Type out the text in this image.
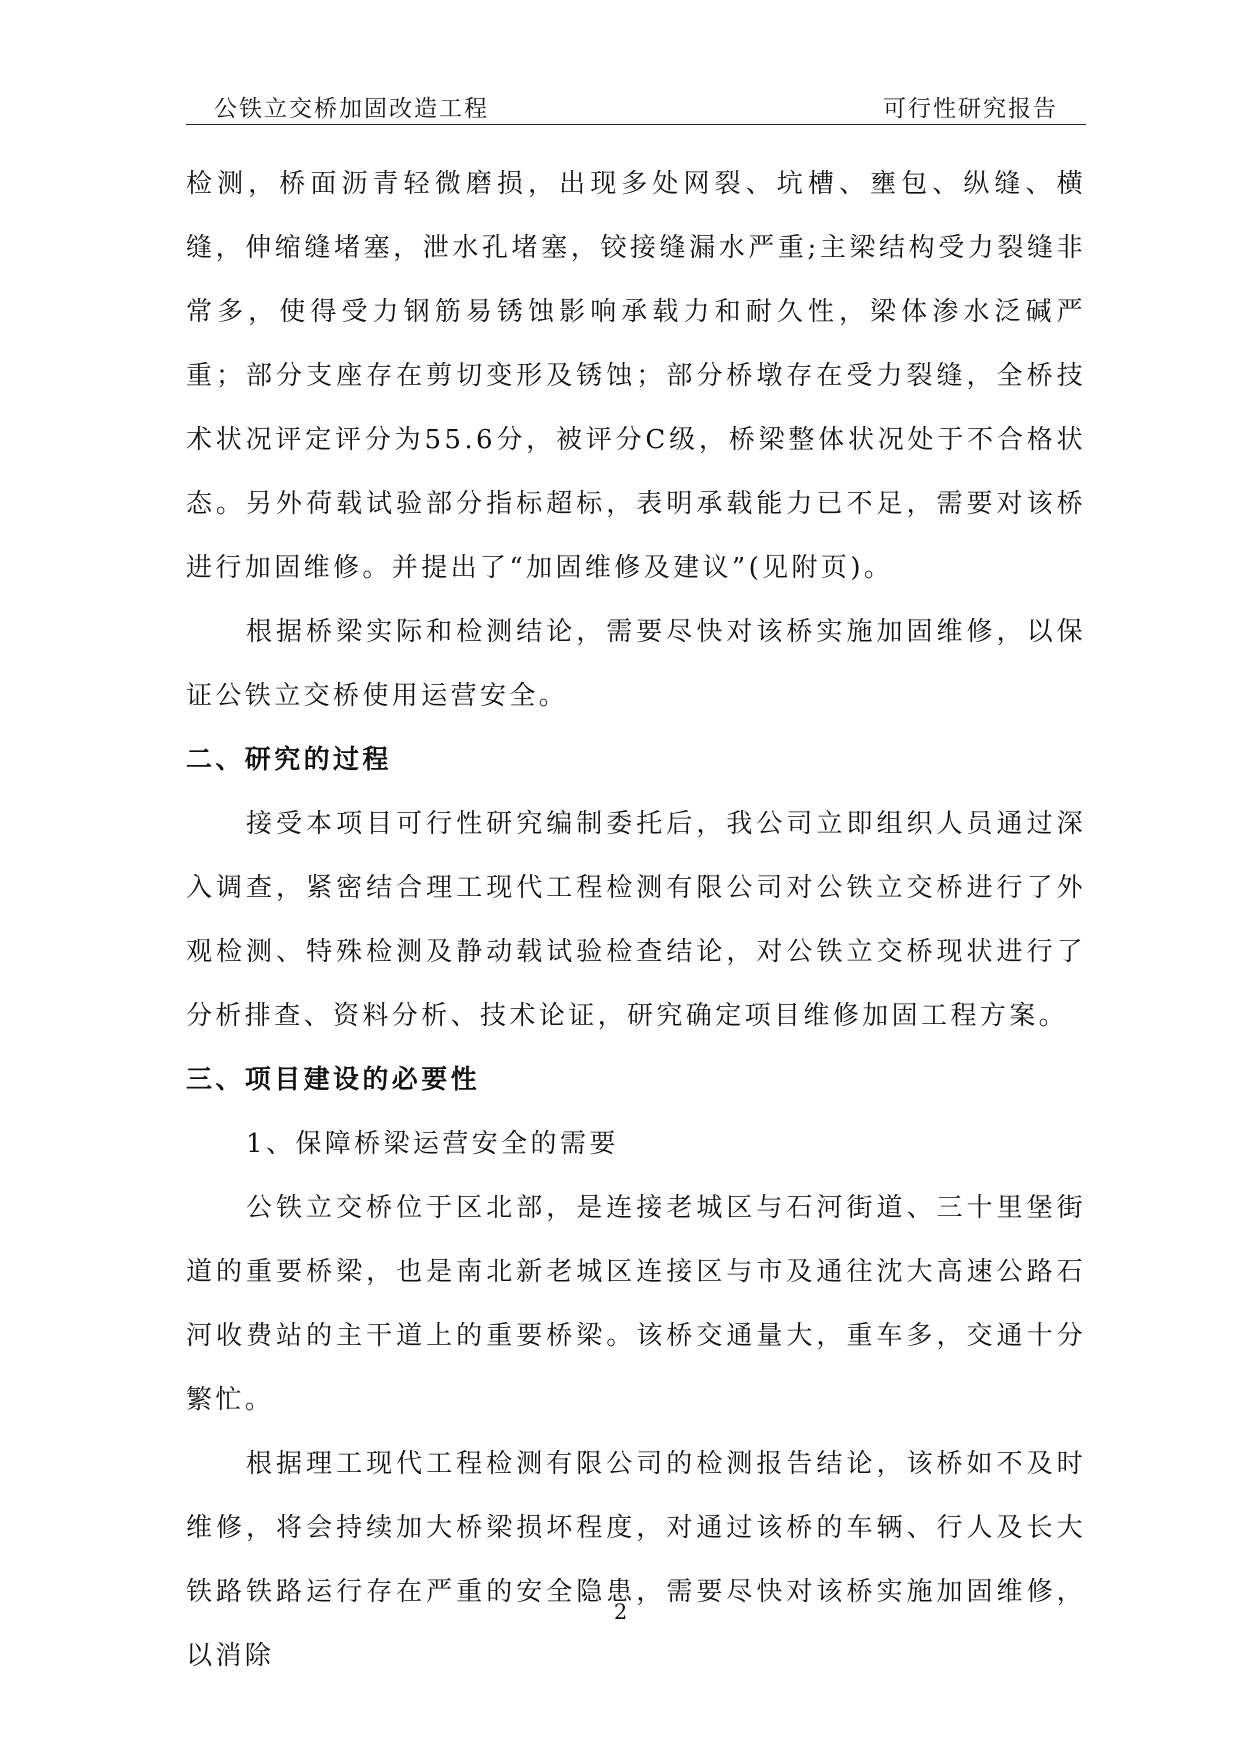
公铁立交桥加固改造工程	可行性研究报告

检测，桥面沥青轻微磨损，出现多处网裂、坑槽、壅包、纵缝、横缝，伸缩缝堵塞，泄水孔堵塞，铰接缝漏水严重;主梁结构受力裂缝非常多，使得受力钢筋易锈蚀影响承载力和耐久性，梁体渗水泛碱严重；部分支座存在剪切变形及锈蚀；部分桥墩存在受力裂缝，全桥技术状况评定评分为55.6分，被评分C级，桥梁整体状况处于不合格状态。另外荷载试验部分指标超标，表明承载能力已不足，需要对该桥进行加固维修。并提出了“加固维修及建议”(见附页)。

根据桥梁实际和检测结论，需要尽快对该桥实施加固维修，以保证公铁立交桥使用运营安全。

二、研究的过程

接受本项目可行性研究编制委托后，我公司立即组织人员通过深入调查，紧密结合理工现代工程检测有限公司对公铁立交桥进行了外观检测、特殊检测及静动载试验检查结论，对公铁立交桥现状进行了分析排查、资料分析、技术论证，研究确定项目维修加固工程方案。

三、项目建设的必要性

1、保障桥梁运营安全的需要

公铁立交桥位于区北部，是连接老城区与石河街道、三十里堡街道的重要桥梁，也是南北新老城区连接区与市及通往沈大高速公路石河收费站的主干道上的重要桥梁。该桥交通量大，重车多，交通十分繁忙。

根据理工现代工程检测有限公司的检测报告结论，该桥如不及时维修，将会持续加大桥梁损坏程度，对通过该桥的车辆、行人及长大铁路铁路运行存在严重的安全隐患，需要尽快对该桥实施加固维修，以消除

2
